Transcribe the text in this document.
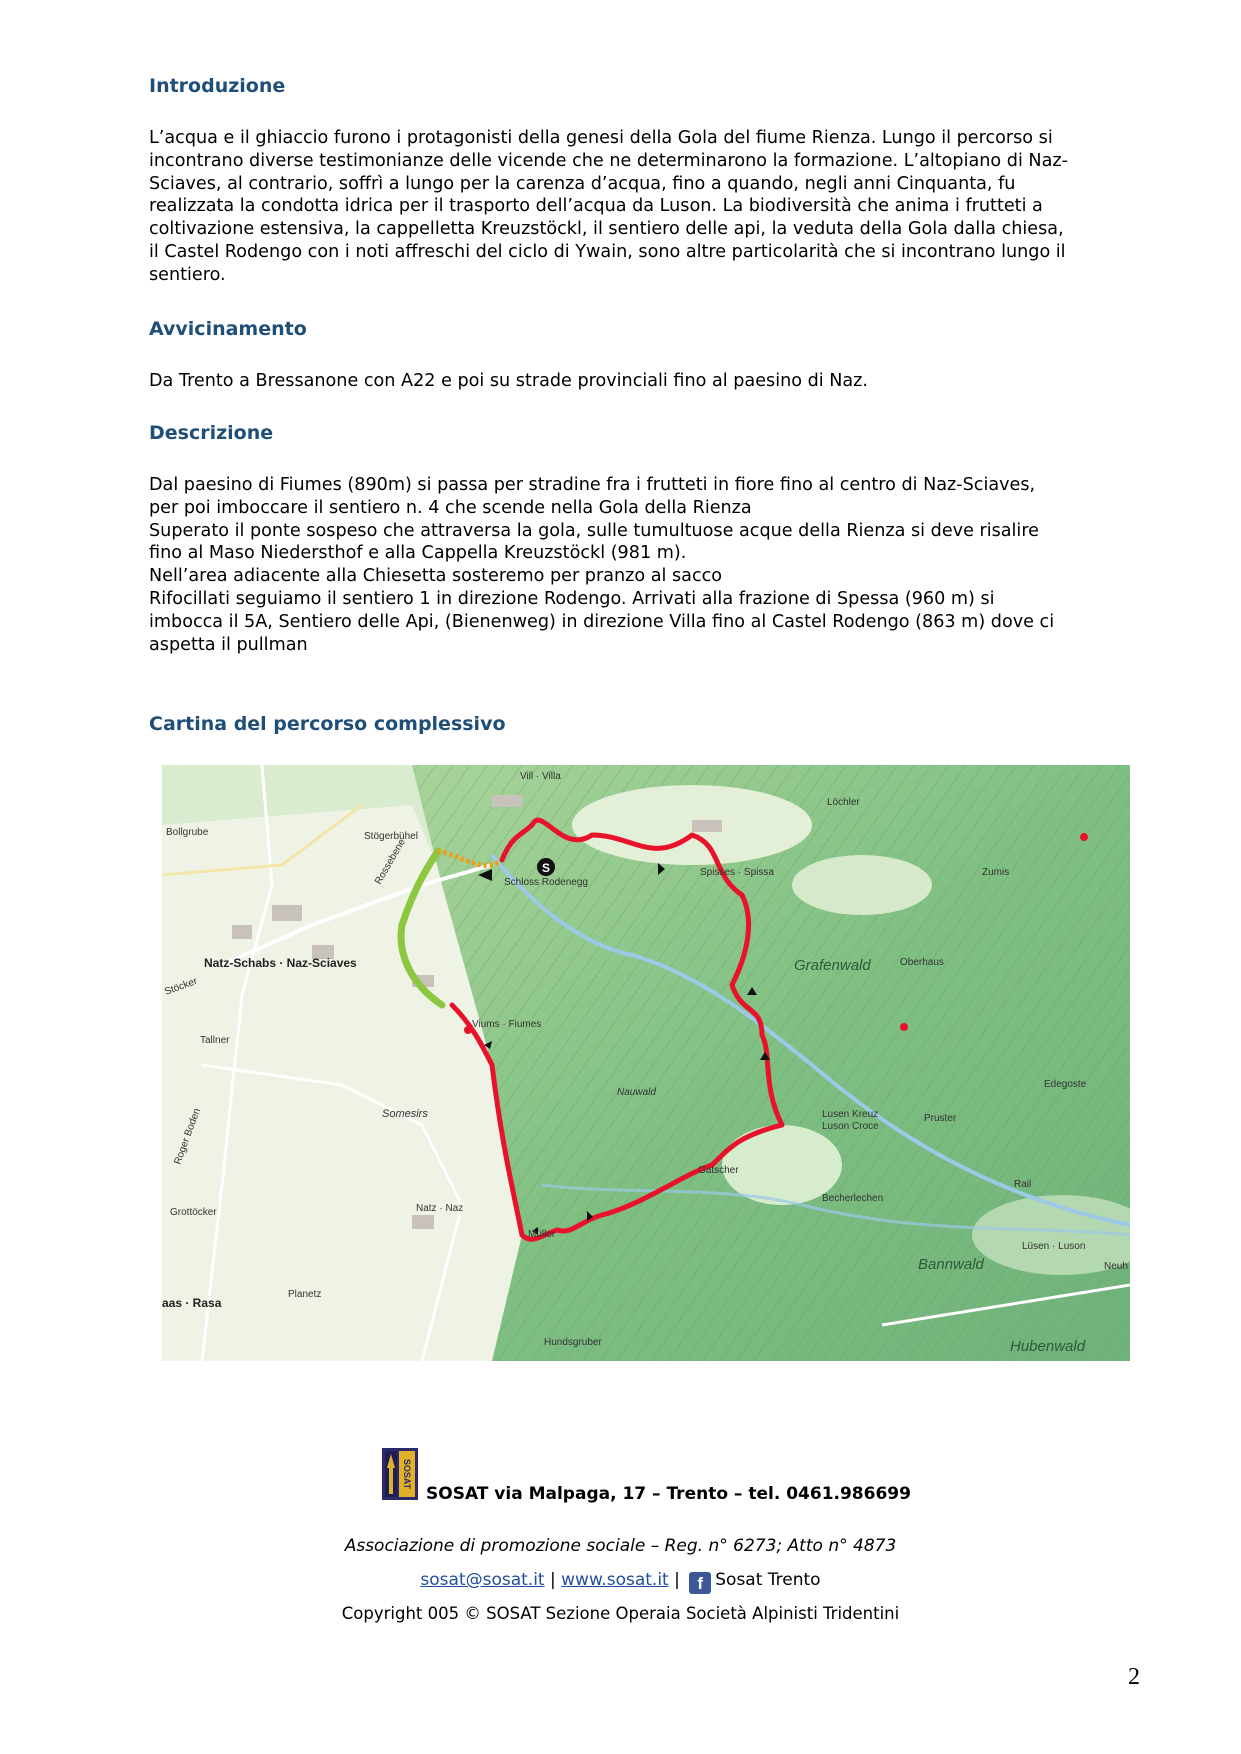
Introduzione

L’acqua e il ghiaccio furono i protagonisti della genesi della Gola del fiume Rienza. Lungo il percorso si
incontrano diverse testimonianze delle vicende che ne determinarono la formazione. L’altopiano di Naz-
Sciaves, al contrario, soffrì a lungo per la carenza d’acqua, fino a quando, negli anni Cinquanta, fu
realizzata la condotta idrica per il trasporto dell’acqua da Luson. La biodiversità che anima i frutteti a
coltivazione estensiva, la cappelletta Kreuzstöckl, il sentiero delle api, la veduta della Gola dalla chiesa,
il Castel Rodengo con i noti affreschi del ciclo di Ywain, sono altre particolarità che si incontrano lungo il
sentiero.

Avvicinamento

Da Trento a Bressanone con A22 e poi su strade provinciali fino al paesino di Naz.

Descrizione

Dal paesino di Fiumes (890m) si passa per stradine fra i frutteti in fiore fino al centro di Naz-Sciaves,
per poi imboccare il sentiero n. 4 che scende nella Gola della Rienza
Superato il ponte sospeso che attraversa la gola, sulle tumultuose acque della Rienza si deve risalire
fino al Maso Niedersthof e alla Cappella Kreuzstöckl (981 m).
Nell’area adiacente alla Chiesetta sosteremo per pranzo al sacco
Rifocillati seguiamo il sentiero 1 in direzione Rodengo. Arrivati alla frazione di Spessa (960 m) si
imbocca il 5A, Sentiero delle Api, (Bienenweg) in direzione Villa fino al Castel Rodengo (863 m) dove ci
aspetta il pullman

Cartina del percorso complessivo
S
Vill · Villa
Löchler
Stögerbühel
Bollgrube
Rossebene	Schloss Rodenegg
Spisses · Spissa	Zumis
Oberhaus
Stöcker
Tallner
Viums · Fiumes
Nauwald
Edegoste
Somesirs	Lusen Kreuz
Luson Croce
Pruster
Roger Boden
Gatscher
Becherlechen
Rail
Grottöcker	Natz · Naz
Müller
Lüsen · Luson
Neuh
Planetz
Hundsgruber
Natz-Schabs · Naz-Sciaves
aas · Rasa
Grafenwald
Bannwald
Hubenwald
SOSAT
SOSAT via Malpaga, 17 – Trento – tel. 0461.986699
Associazione di promozione sociale – Reg. n° 6273; Atto n° 4873
sosat@sosat.it | www.sosat.it | f Sosat Trento
Copyright 005 © SOSAT Sezione Operaia Società Alpinisti Tridentini
2
